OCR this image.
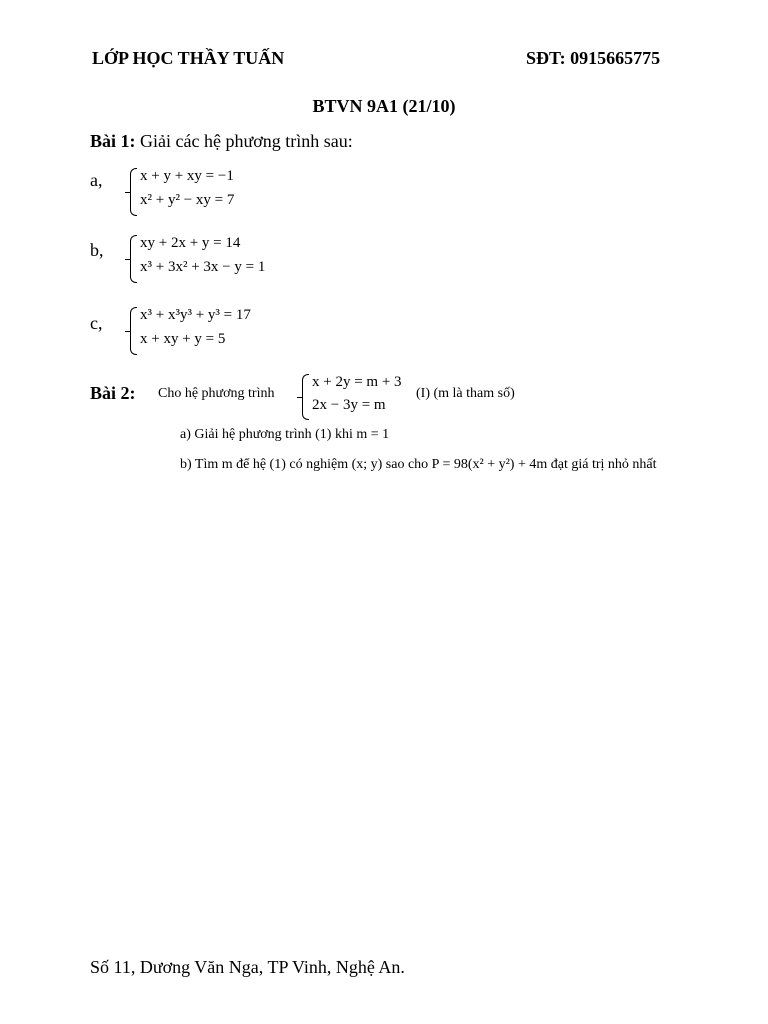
LỚP HỌC THẦY TUẤN	SĐT: 0915665775
BTVN 9A1 (21/10)
Bài 1: Giải các hệ phương trình sau:
a,	x + y + xy = −1
x² + y² − xy = 7
b, xy + 2x + y = 14
x³ + 3x² + 3x − y = 1
c,	x³ + x³y³ + y³ = 17
x + xy + y = 5
Bài 2: Cho hệ phương trình
x + 2y = m + 3
2x − 3y = m
(I) (m là tham số)
a) Giải hệ phương trình (1) khi m = 1
b) Tìm m để hệ (1) có nghiệm (x; y) sao cho P = 98(x² + y²) + 4m đạt giá trị nhỏ nhất
Số 11, Dương Văn Nga, TP Vinh, Nghệ An.
